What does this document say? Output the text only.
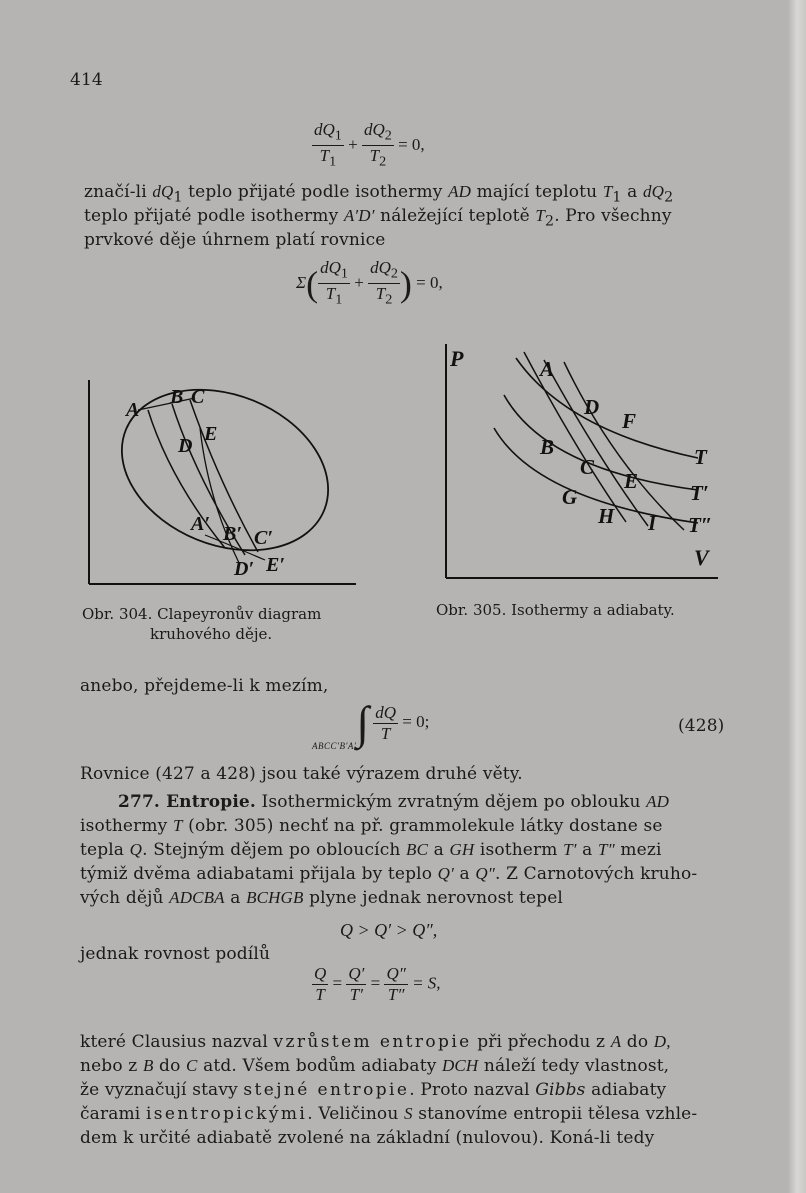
414
$\frac{dQ_1}{T_1} + \frac{dQ_2}{T_2} = 0$,
značí-li $dQ_1$ teplo přijaté podle isothermy AD mající teplotu $T_1$ a $dQ_2$
teplo přijaté podle isothermy A′D′ náležející teplotě $T_2$. Pro všechny
prvkové děje úhrnem platí rovnice
$\Sigma( \frac{dQ_1}{T_1} + \frac{dQ_2}{T_2}$ ) = 0,
A
B C
D
E
A′ B′ C′
D′ E′
Obr. 304. Clapeyronův diagram
kruhového děje.
P
V
A
D
F
B
C
E
G
H I
T
T′
T″
Obr. 305. Isothermy a adiabaty.
anebo, přejdeme-li k mezím,
$_{ABCC'B'A'}\int \frac{dQ}{T} = 0$;	(428)
Rovnice (427 a 428) jsou také výrazem druhé věty.
277. Entropie. Isothermickým zvratným dějem po oblouku AD
isothermy T (obr. 305) nechť na př. grammolekule látky dostane se
tepla Q. Stejným dějem po obloucích BC a GH isotherm T′ a T″ mezi
týmiž dvěma adiabatami přijala by teplo Q′ a Q″. Z Carnotových kruho-
vých dějů ADCBA a BCHGB plyne jednak nerovnost tepel
Q > Q′ > Q″,
jednak rovnost podílů
$\frac{Q}{T} = \frac{Q'}{T'} = \frac{Q''}{T''} = S$,
které Clausius nazval vzrůstem entropie při přechodu z A do D,
nebo z B do C atd. Všem bodům adiabaty DCH náleží tedy vlastnost,
že vyznačují stavy stejné entropie. Proto nazval Gibbs adiabaty
čarami isentropickými. Veličinou S stanovíme entropii tělesa vzhle-
dem k určité adiabatě zvolené na základní (nulovou). Koná-li tedy
